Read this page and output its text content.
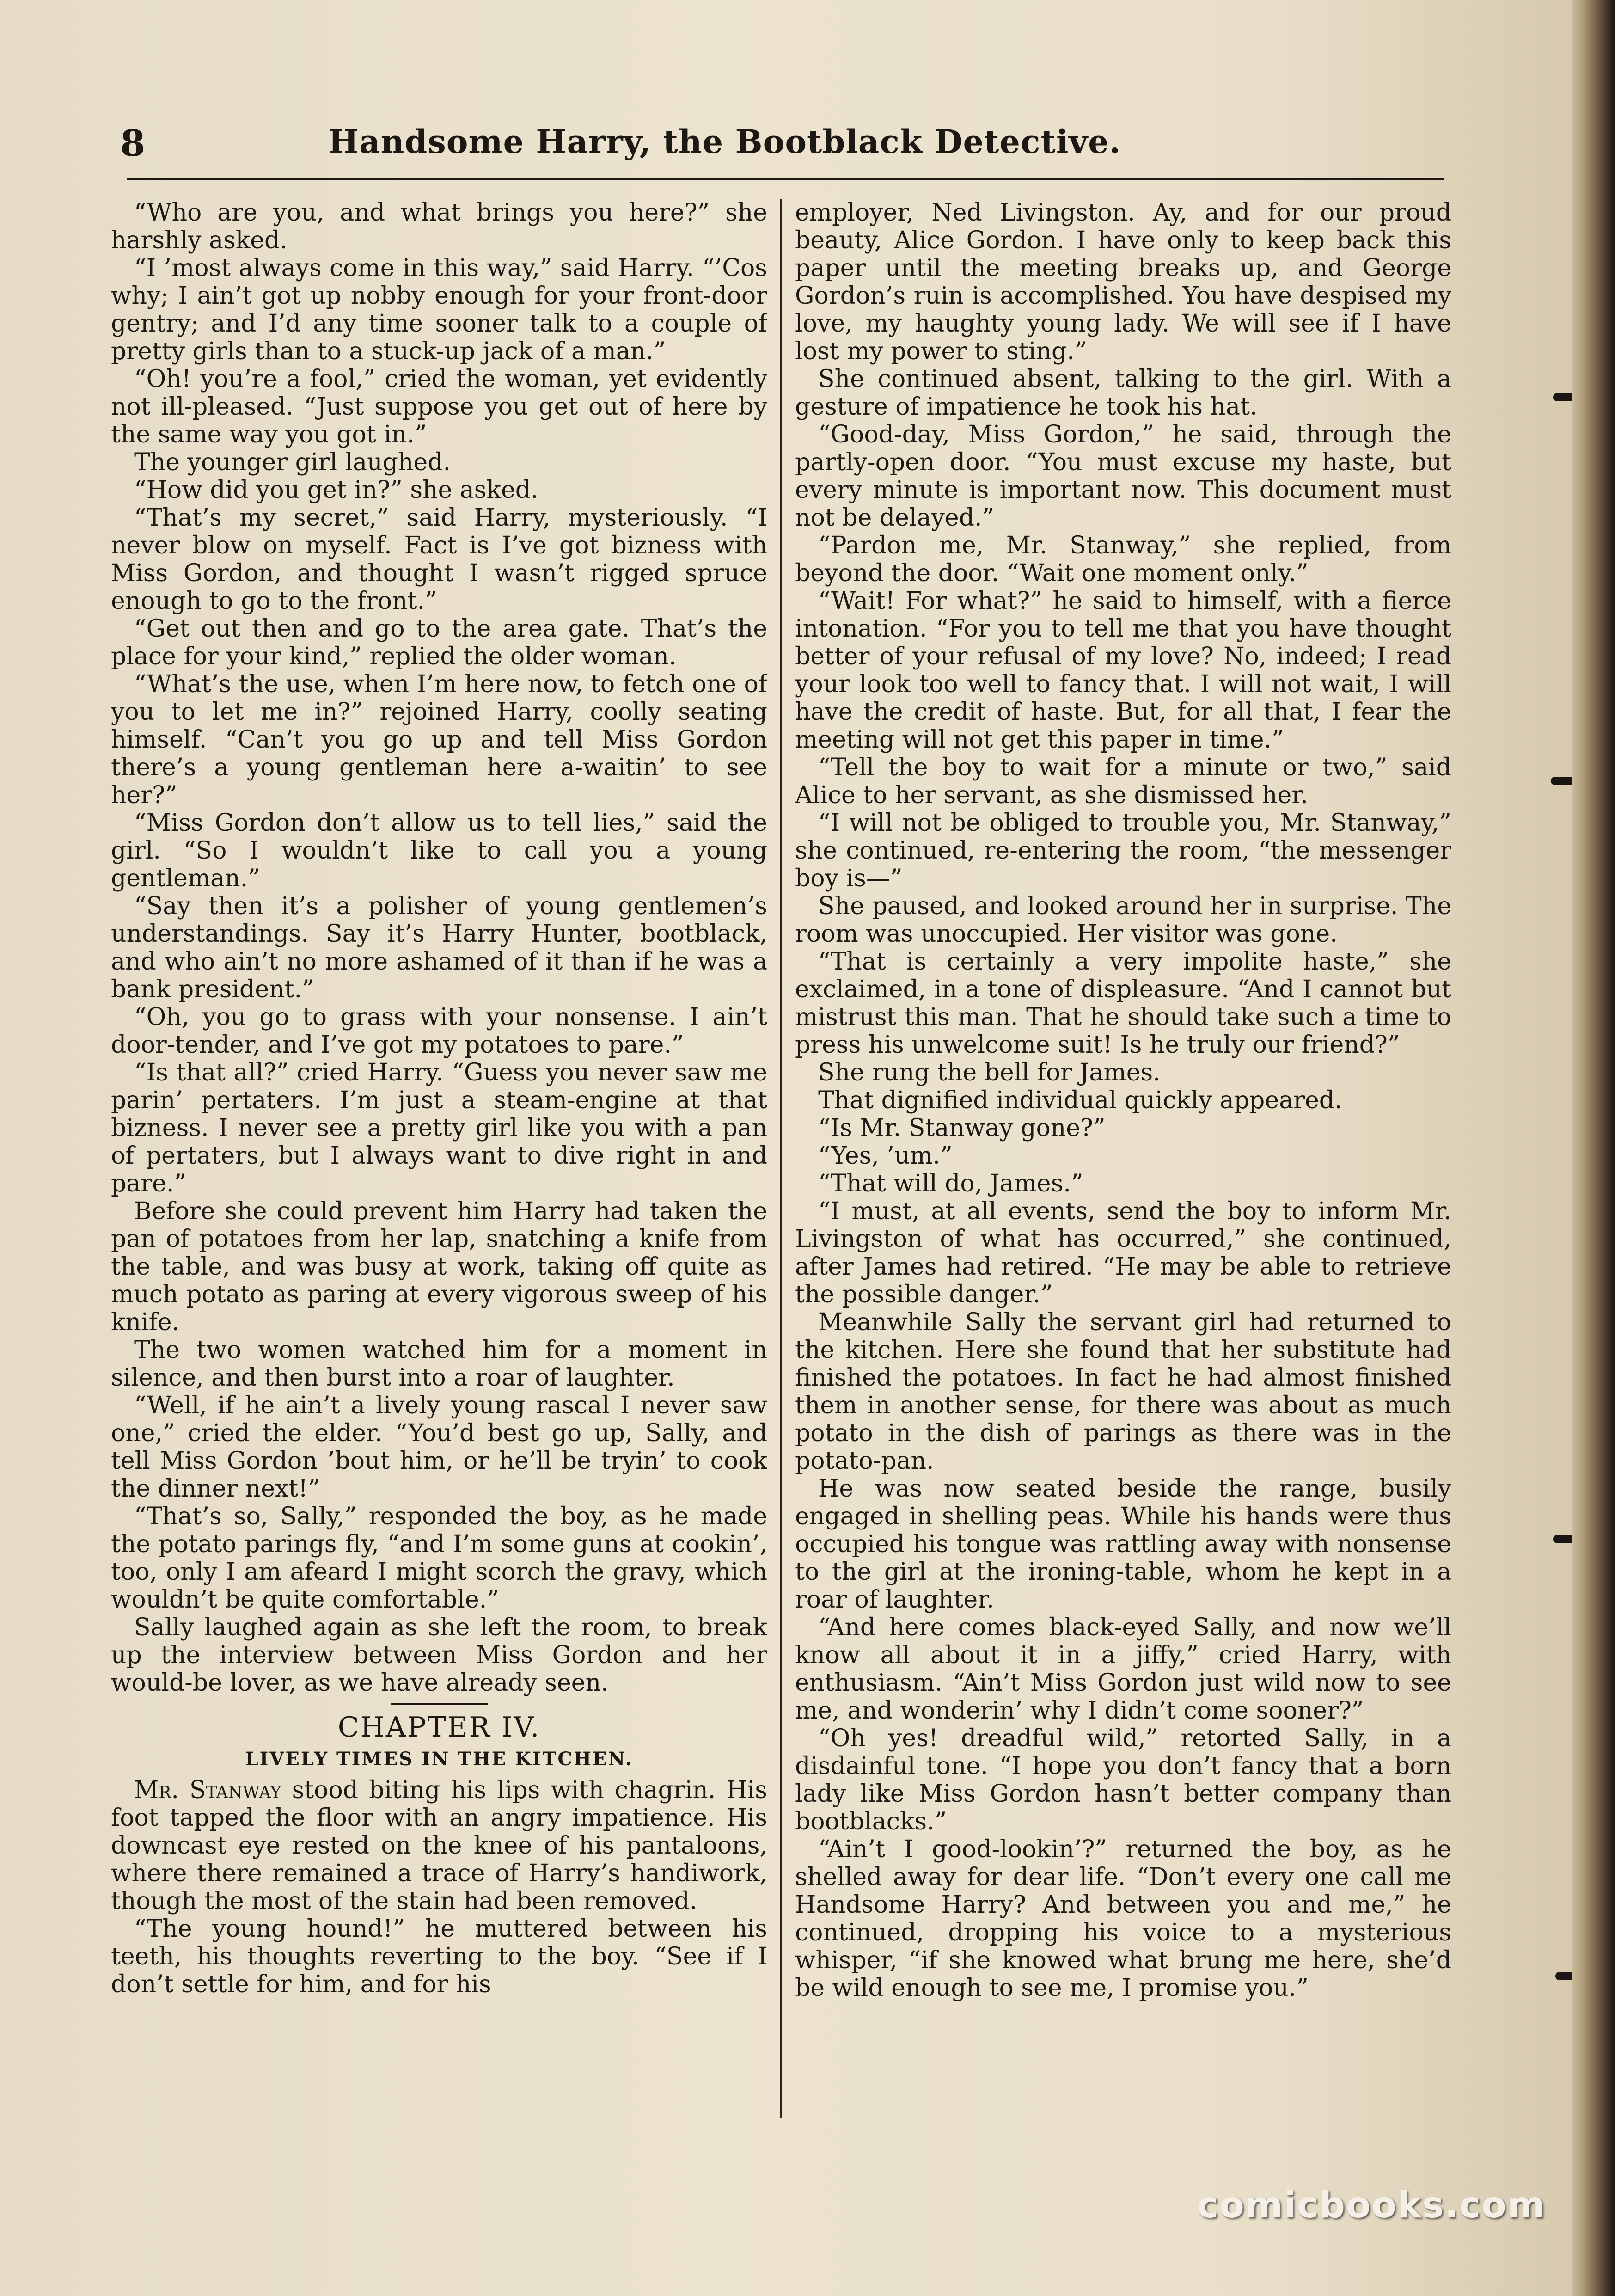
8	Handsome Harry, the Bootblack Detective.

“Who are you, and what brings you here?” she harshly asked.

“I ’most always come in this way,” said Harry. “’Cos why; I ain’t got up nobby enough for your front-door gentry; and I’d any time sooner talk to a couple of pretty girls than to a stuck-up jack of a man.”

“Oh! you’re a fool,” cried the woman, yet evidently not ill-pleased. “Just suppose you get out of here by the same way you got in.”

The younger girl laughed.

“How did you get in?” she asked.

“That’s my secret,” said Harry, mysteriously. “I never blow on myself. Fact is I’ve got bizness with Miss Gordon, and thought I wasn’t rigged spruce enough to go to the front.”

“Get out then and go to the area gate. That’s the place for your kind,” replied the older woman.

“What’s the use, when I’m here now, to fetch one of you to let me in?” rejoined Harry, coolly seating himself. “Can’t you go up and tell Miss Gordon there’s a young gentleman here a-waitin’ to see her?”

“Miss Gordon don’t allow us to tell lies,” said the girl. “So I wouldn’t like to call you a young gentleman.”

“Say then it’s a polisher of young gentlemen’s understandings. Say it’s Harry Hunter, bootblack, and who ain’t no more ashamed of it than if he was a bank president.”

“Oh, you go to grass with your nonsense. I ain’t door-tender, and I’ve got my potatoes to pare.”

“Is that all?” cried Harry. “Guess you never saw me parin’ pertaters. I’m just a steam-engine at that bizness. I never see a pretty girl like you with a pan of pertaters, but I always want to dive right in and pare.”

Before she could prevent him Harry had taken the pan of potatoes from her lap, snatching a knife from the table, and was busy at work, taking off quite as much potato as paring at every vigorous sweep of his knife.

The two women watched him for a moment in silence, and then burst into a roar of laughter.

“Well, if he ain’t a lively young rascal I never saw one,” cried the elder. “You’d best go up, Sally, and tell Miss Gordon ’bout him, or he’ll be tryin’ to cook the dinner next!”

“That’s so, Sally,” responded the boy, as he made the potato parings fly, “and I’m some guns at cookin’, too, only I am afeard I might scorch the gravy, which wouldn’t be quite comfortable.”

Sally laughed again as she left the room, to break up the interview between Miss Gordon and her would-be lover, as we have already seen.

CHAPTER IV.

LIVELY TIMES IN THE KITCHEN.

Mr. Stanway stood biting his lips with chagrin. His foot tapped the floor with an angry impatience. His downcast eye rested on the knee of his pantaloons, where there remained a trace of Harry’s handiwork, though the most of the stain had been removed.

“The young hound!” he muttered between his teeth, his thoughts reverting to the boy. “See if I don’t settle for him, and for his

employer, Ned Livingston. Ay, and for our proud beauty, Alice Gordon. I have only to keep back this paper until the meeting breaks up, and George Gordon’s ruin is accomplished. You have despised my love, my haughty young lady. We will see if I have lost my power to sting.”

She continued absent, talking to the girl. With a gesture of impatience he took his hat.

“Good-day, Miss Gordon,” he said, through the partly-open door. “You must excuse my haste, but every minute is important now. This document must not be delayed.”

“Pardon me, Mr. Stanway,” she replied, from beyond the door. “Wait one moment only.”

“Wait! For what?” he said to himself, with a fierce intonation. “For you to tell me that you have thought better of your refusal of my love? No, indeed; I read your look too well to fancy that. I will not wait, I will have the credit of haste. But, for all that, I fear the meeting will not get this paper in time.”

“Tell the boy to wait for a minute or two,” said Alice to her servant, as she dismissed her.

“I will not be obliged to trouble you, Mr. Stanway,” she continued, re-entering the room, “the messenger boy is—”

She paused, and looked around her in surprise. The room was unoccupied. Her visitor was gone.

“That is certainly a very impolite haste,” she exclaimed, in a tone of displeasure. “And I cannot but mistrust this man. That he should take such a time to press his unwelcome suit! Is he truly our friend?”

She rung the bell for James.

That dignified individual quickly appeared.

“Is Mr. Stanway gone?”

“Yes, ’um.”

“That will do, James.”

“I must, at all events, send the boy to inform Mr. Livingston of what has occurred,” she continued, after James had retired. “He may be able to retrieve the possible danger.”

Meanwhile Sally the servant girl had returned to the kitchen. Here she found that her substitute had finished the potatoes. In fact he had almost finished them in another sense, for there was about as much potato in the dish of parings as there was in the potato-pan.

He was now seated beside the range, busily engaged in shelling peas. While his hands were thus occupied his tongue was rattling away with nonsense to the girl at the ironing-table, whom he kept in a roar of laughter.

“And here comes black-eyed Sally, and now we’ll know all about it in a jiffy,” cried Harry, with enthusiasm. “Ain’t Miss Gordon just wild now to see me, and wonderin’ why I didn’t come sooner?”

“Oh yes! dreadful wild,” retorted Sally, in a disdainful tone. “I hope you don’t fancy that a born lady like Miss Gordon hasn’t better company than bootblacks.”

“Ain’t I good-lookin’?” returned the boy, as he shelled away for dear life. “Don’t every one call me Handsome Harry? And between you and me,” he continued, dropping his voice to a mysterious whisper, “if she knowed what brung me here, she’d be wild enough to see me, I promise you.”

comicbooks.com
